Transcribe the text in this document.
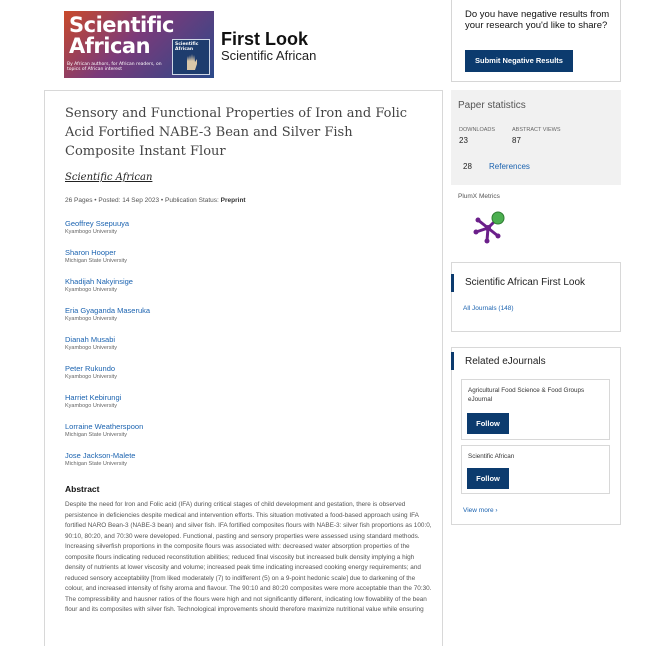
Scientific
African
By African authors, for African readers, on topics of African interest
Scientific African
First Look
Scientific African
Do you have negative results from your research you'd like to share?
Submit Negative Results
Sensory and Functional Properties of Iron and Folic Acid Fortified NABE-3 Bean and Silver Fish Composite Instant Flour
Scientific African
26 Pages • Posted: 14 Sep 2023 • Publication Status: Preprint
Geoffrey Ssepuuya
Kyambogo University
Sharon Hooper
Michigan State University
Khadijah Nakyinsige
Kyambogo University
Eria Gyaganda Maseruka
Kyambogo University
Dianah Musabi
Kyambogo University
Peter Rukundo
Kyambogo University
Harriet Kebirungi
Kyambogo University
Lorraine Weatherspoon
Michigan State University
Jose Jackson-Malete
Michigan State University
Abstract
Despite the need for Iron and Folic acid (IFA) during critical stages of child development and gestation, there is observed persistence in deficiencies despite medical and intervention efforts. This situation motivated a food-based approach using IFA fortified NARO Bean-3 (NABE-3 bean) and silver fish. IFA fortified composites flours with NABE-3: silver fish proportions as 100:0, 90:10, 80:20, and 70:30 were developed. Functional, pasting and sensory properties were assessed using standard methods. Increasing silverfish proportions in the composite flours was associated with: decreased water absorption properties of the composite flours indicating reduced reconstitution abilities; reduced final viscosity but increased bulk density implying a high density of nutrients at lower viscosity and volume; increased peak time indicating increased cooking energy requirements; and reduced sensory acceptability [from liked moderately (7) to indifferent (5) on a 9-point hedonic scale] due to darkening of the colour, and increased intensity of fishy aroma and flavour. The 90:10 and 80:20 composites were more acceptable than the 70:30. The compressibility and hausner ratios of the flours were high and not significantly different, indicating low flowability of the bean flour and its composites with silver fish. Technological improvements should therefore maximize nutritional value while ensuring
Paper statistics
DOWNLOADS
23
ABSTRACT VIEWS
87
28 References
PlumX Metrics
Scientific African First Look
All Journals (148)
Related eJournals
Agricultural Food Science & Food Groups eJournal
Follow
Scientific African
Follow
View more ›
